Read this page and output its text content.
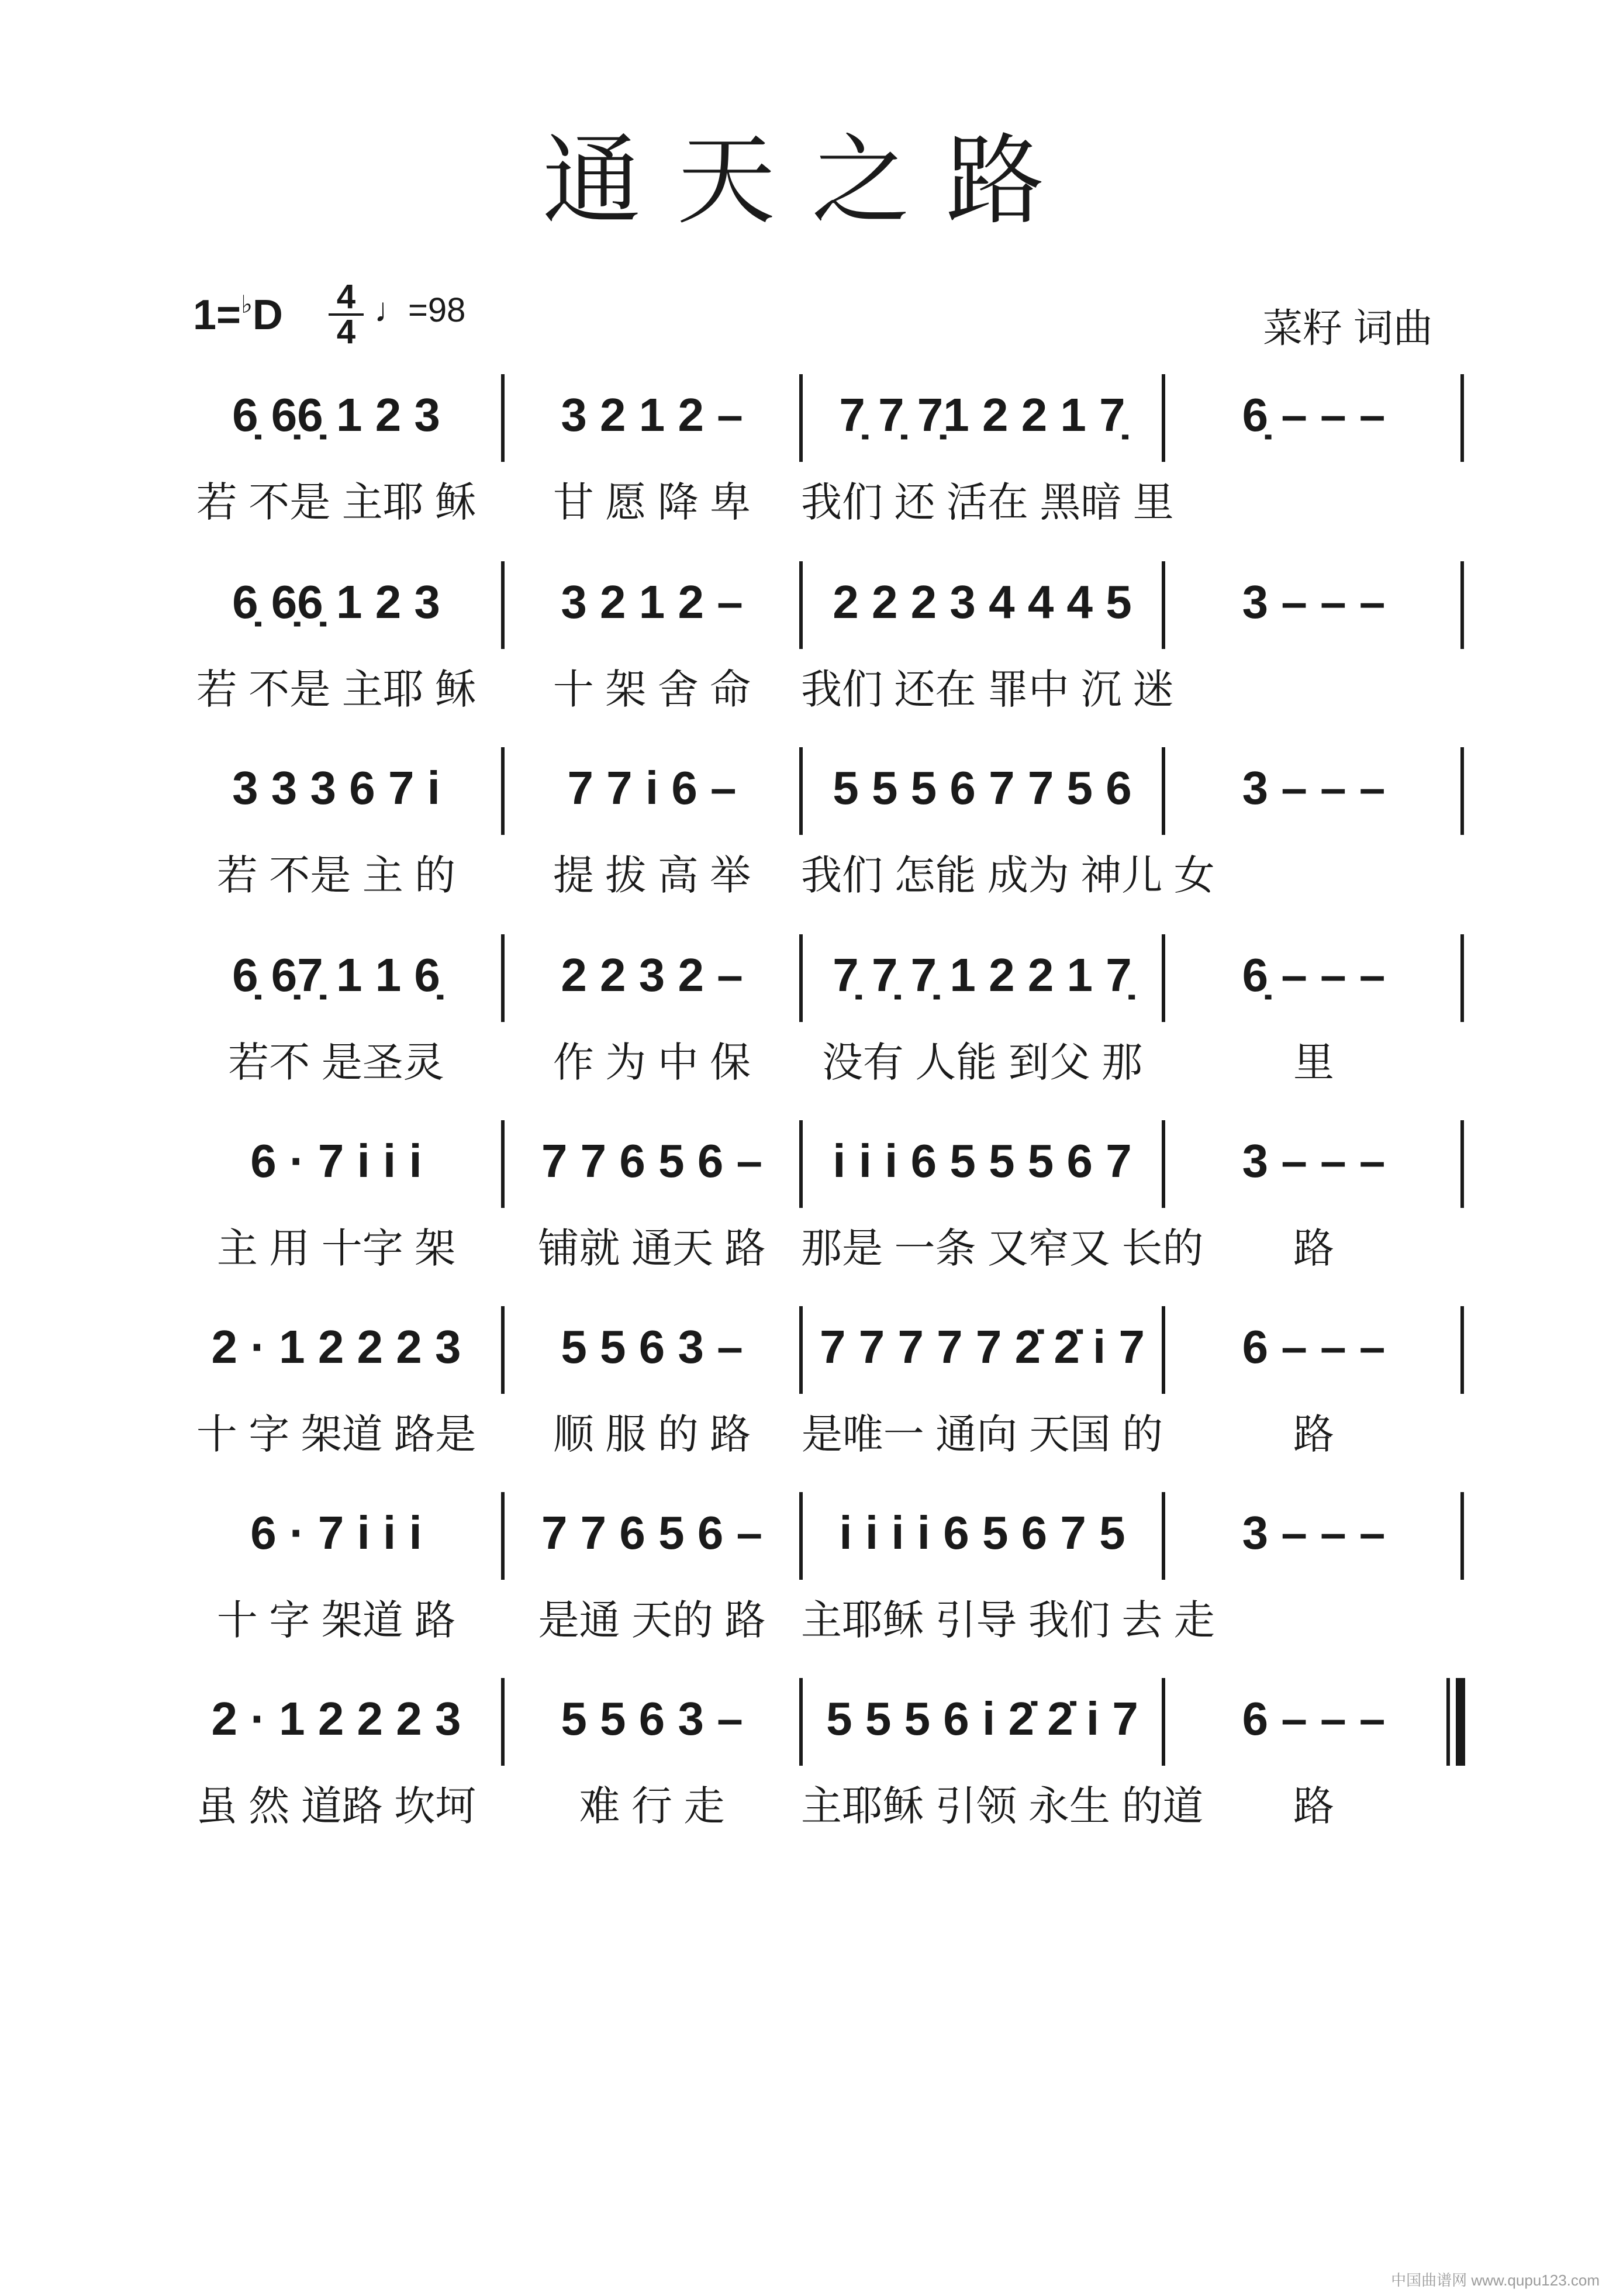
通天之路
$1=^♭D \frac{4}{4}$ ♩=98	菜籽 词曲
6̣ 6̣6̣ 1 2 3
若 不是 主耶 稣
3 2 1 2 –
甘 愿 降 卑
7̣ 7̣ 7̣1 2 2 1 7̣
我们 还 活在 黑暗 里
6̣ – – –
6̣ 6̣6̣ 1 2 3
若 不是 主耶 稣
3 2 1 2 –
十 架 舍 命
2 2 2 3 4 4 4 5
我们 还在 罪中 沉 迷
3 – – –
3 3 3 6 7 i
若 不是 主 的
7 7 i 6 –
提 拔 高 举
5 5 5 6 7 7 5 6
我们 怎能 成为 神儿 女
3 – – –
6̣ 6̣7̣ 1 1 6̣
若不 是圣灵
2 2 3 2 –
作 为 中 保
7̣ 7̣ 7̣ 1 2 2 1 7̣
没有 人能 到父 那
6̣ – – –
里
6 · 7 i i i
主 用 十字 架
7 7 6 5 6 –
铺就 通天 路
i i i 6 5 5 5 6 7
那是 一条 又窄又 长的
3 – – –
路
2 · 1 2 2 2 3
十 字 架道 路是
5 5 6 3 –
顺 服 的 路
7 7 7 7 7 2̇ 2̇ i 7
是唯一 通向 天国 的
6 – – –
路
6 · 7 i i i
十 字 架道 路
7 7 6 5 6 –
是通 天的 路
i i i i 6 5 6 7 5
主耶稣 引导 我们 去 走
3 – – –
2 · 1 2 2 2 3
虽 然 道路 坎坷
5 5 6 3 –
难 行 走
5 5 5 6 i 2̇ 2̇ i 7
主耶稣 引领 永生 的道
6 – – –
路
中国曲谱网 www.qupu123.com
